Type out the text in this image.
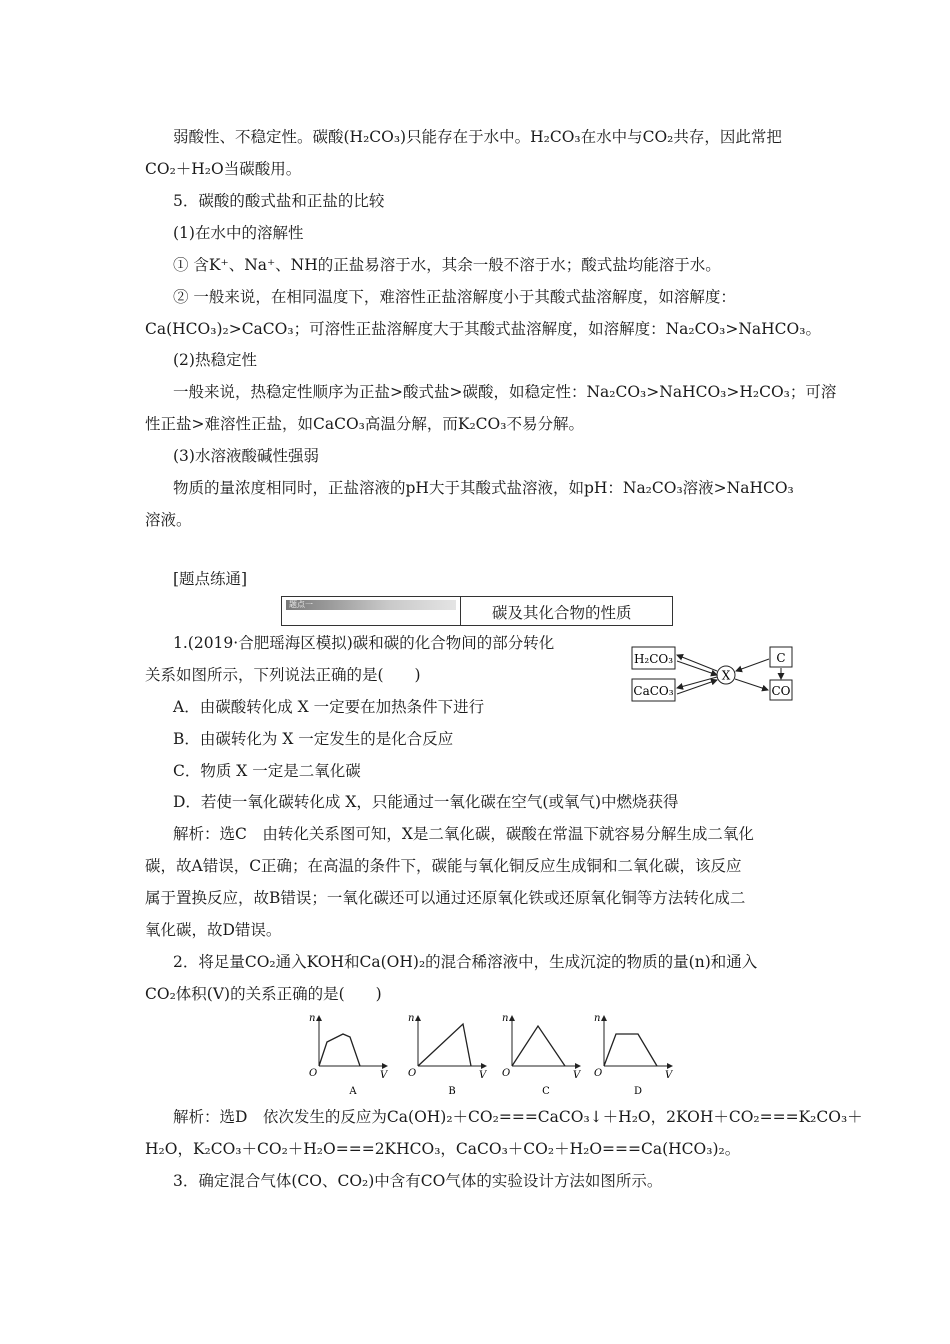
弱酸性、不稳定性。碳酸(H₂CO₃)只能存在于水中。H₂CO₃在水中与CO₂共存，因此常把
CO₂＋H₂O当碳酸用。
5．碳酸的酸式盐和正盐的比较
(1)在水中的溶解性
① 含K⁺、Na⁺、NH的正盐易溶于水，其余一般不溶于水；酸式盐均能溶于水。
② 一般来说，在相同温度下，难溶性正盐溶解度小于其酸式盐溶解度，如溶解度：
Ca(HCO₃)₂>CaCO₃；可溶性正盐溶解度大于其酸式盐溶解度，如溶解度：Na₂CO₃>NaHCO₃。
(2)热稳定性
一般来说，热稳定性顺序为正盐>酸式盐>碳酸，如稳定性：Na₂CO₃>NaHCO₃>H₂CO₃；可溶
性正盐>难溶性正盐，如CaCO₃高温分解，而K₂CO₃不易分解。
(3)水溶液酸碱性强弱
物质的量浓度相同时，正盐溶液的pH大于其酸式盐溶液，如pH：Na₂CO₃溶液>NaHCO₃
溶液。
[题点练通]
题点一	碳及其化合物的性质
1.(2019·合肥瑶海区模拟)碳和碳的化合物间的部分转化
关系如图所示，下列说法正确的是(　　)
H₂CO₃
CaCO₃
X
C
CO
A．由碳酸转化成 X 一定要在加热条件下进行
B．由碳转化为 X 一定发生的是化合反应
C．物质 X 一定是二氧化碳
D．若使一氧化碳转化成 X，只能通过一氧化碳在空气(或氧气)中燃烧获得
解析：选C　由转化关系图可知，X是二氧化碳，碳酸在常温下就容易分解生成二氧化
碳，故A错误，C正确；在高温的条件下，碳能与氧化铜反应生成铜和二氧化碳，该反应
属于置换反应，故B错误；一氧化碳还可以通过还原氧化铁或还原氧化铜等方法转化成二
氧化碳，故D错误。
2．将足量CO₂通入KOH和Ca(OH)₂的混合稀溶液中，生成沉淀的物质的量(n)和通入
CO₂体积(V)的关系正确的是(　　)
n
O	V
A
n
O	V
B
n
O	V
C
n
O	V
D
解析：选D　依次发生的反应为Ca(OH)₂＋CO₂===CaCO₃↓＋H₂O，2KOH＋CO₂===K₂CO₃＋
H₂O，K₂CO₃＋CO₂＋H₂O===2KHCO₃，CaCO₃＋CO₂＋H₂O===Ca(HCO₃)₂。
3．确定混合气体(CO、CO₂)中含有CO气体的实验设计方法如图所示。
